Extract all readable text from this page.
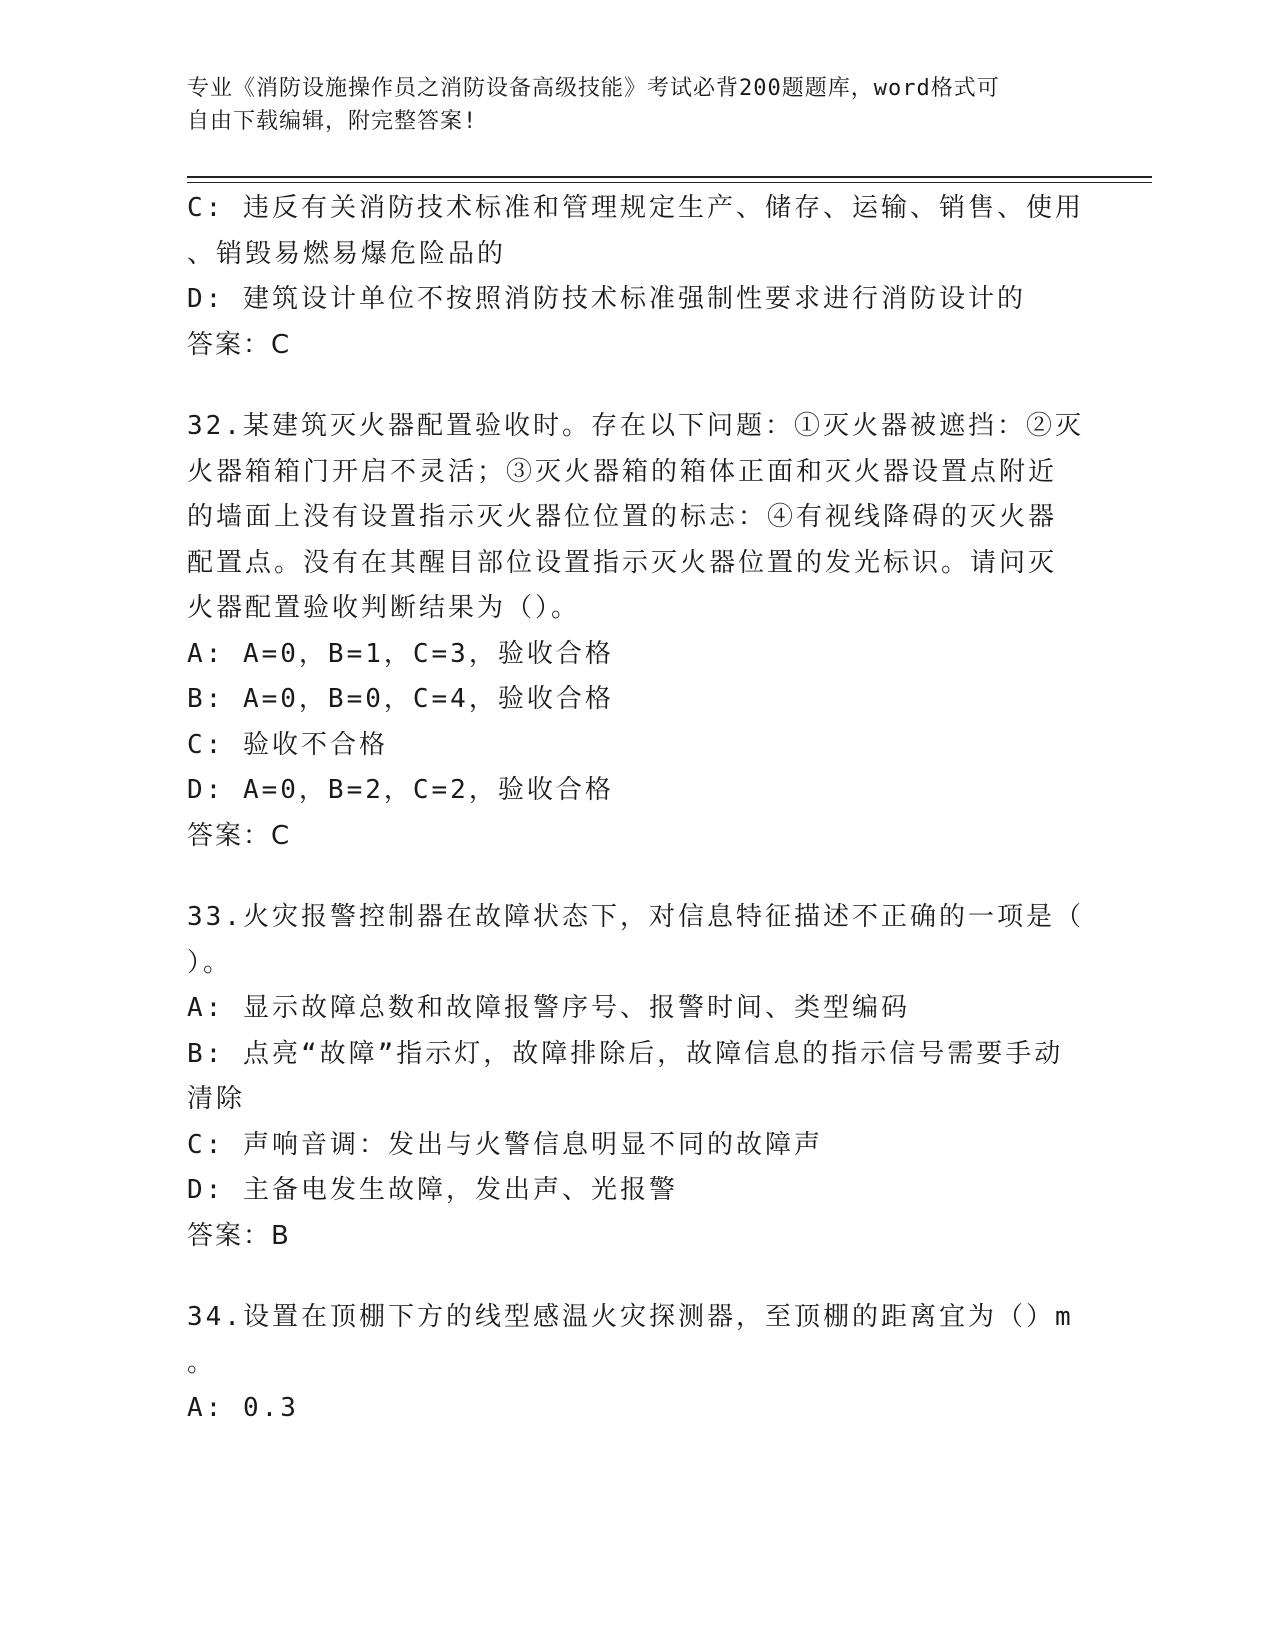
专业《消防设施操作员之消防设备高级技能》考试必背200题题库，word格式可
自由下载编辑，附完整答案!
C: 违反有关消防技术标准和管理规定生产、储存、运输、销售、使用
、销毁易燃易爆危险品的
D: 建筑设计单位不按照消防技术标准强制性要求进行消防设计的
答案：C
32.某建筑灭火器配置验收时。存在以下问题：①灭火器被遮挡：②灭
火器箱箱门开启不灵活；③灭火器箱的箱体正面和灭火器设置点附近
的墙面上没有设置指示灭火器位位置的标志：④有视线降碍的灭火器
配置点。没有在其醒目部位设置指示灭火器位置的发光标识。请问灭
火器配置验收判断结果为（）。
A: A=0，B=1，C=3，验收合格
B: A=0，B=0，C=4，验收合格
C: 验收不合格
D: A=0，B=2，C=2，验收合格
答案：C
33.火灾报警控制器在故障状态下，对信息特征描述不正确的一项是（
）。
A: 显示故障总数和故障报警序号、报警时间、类型编码
B: 点亮“故障”指示灯，故障排除后，故障信息的指示信号需要手动
清除
C: 声响音调：发出与火警信息明显不同的故障声
D: 主备电发生故障，发出声、光报警
答案：B
34.设置在顶棚下方的线型感温火灾探测器，至顶棚的距离宜为（）m
。
A: 0.3
